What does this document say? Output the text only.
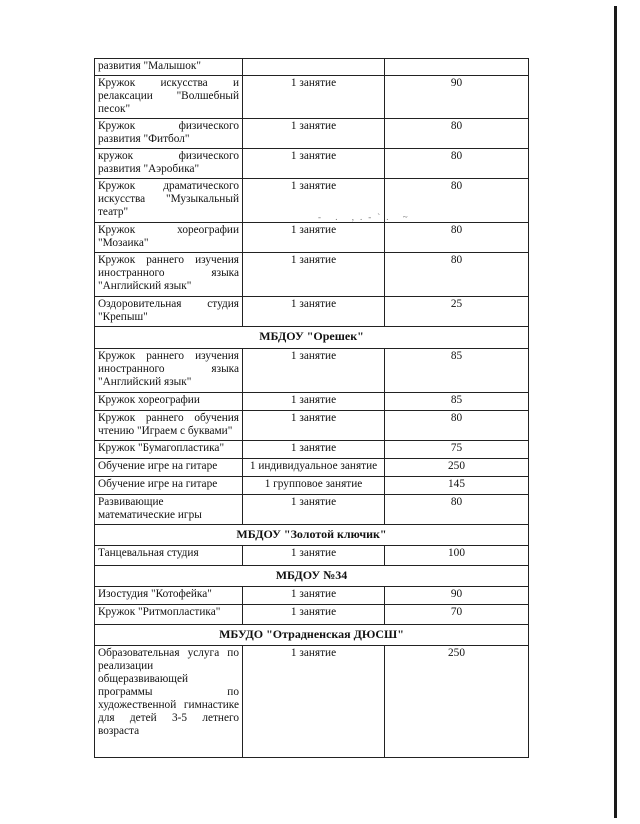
развития "Малышок"		
Кружок искусства и релаксации "Волшебный песок"	1 занятие	90
Кружок физического развития "Фитбол"	1 занятие	80
кружок физического развития "Аэробика"	1 занятие	80
Кружок драматического искусства "Музыкальный театр"	1 занятие	80
Кружок хореографии "Мозаика"	1 занятие	80
Кружок раннего изучения иностранного языка "Английский язык"	1 занятие	80
Оздоровительная студия "Крепыш"	1 занятие	25
МБДОУ "Орешек"		
Кружок раннего изучения иностранного языка "Английский язык"	1 занятие	85
Кружок хореографии	1 занятие	85
Кружок раннего обучения чтению "Играем с буквами"	1 занятие	80
Кружок "Бумагопластика"	1 занятие	75
Обучение игре на гитаре	1 индивидуальное занятие	250
Обучение игре на гитаре	1 групповое занятие	145
Развивающие математические игры	1 занятие	80
МБДОУ "Золотой ключик"		
Танцевальная студия	1 занятие	100
МБДОУ №34		
Изостудия "Котофейка"	1 занятие	90
Кружок "Ритмопластика"	1 занятие	70
МБУДО "Отрадненская ДЮСШ"		
Образовательная услуга по реализации общеразвивающей программы по художественной гимнастике для детей 3-5 летнего возраста	1 занятие	250
- . ,.-`. ~
